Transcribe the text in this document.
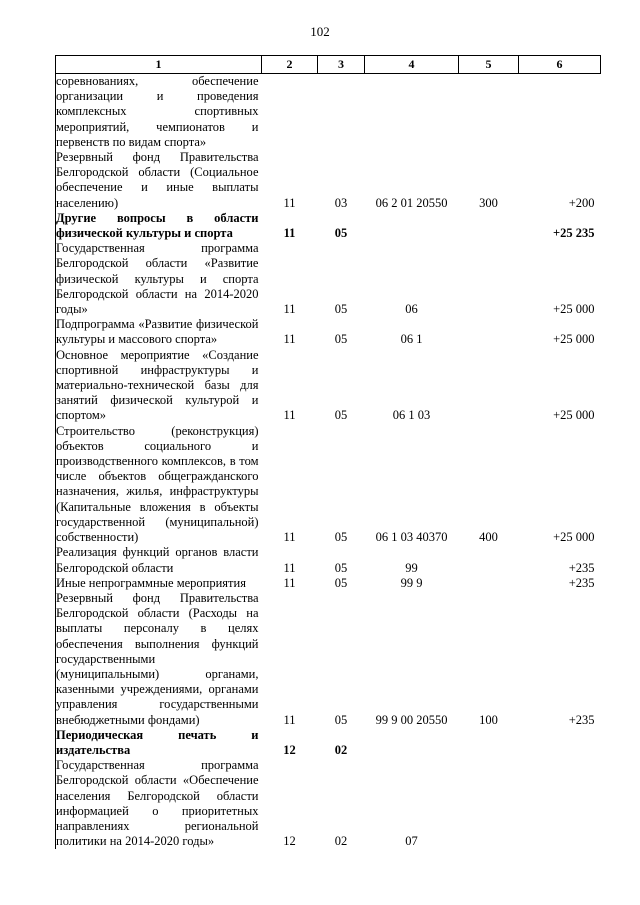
102
1	2	3	4	5	6
соревнованиях, обеспечение организации и проведения комплексных спортивных мероприятий, чемпионатов и первенств по видам спорта»					
Резервный фонд Правительства Белгородской области (Социальное обеспечение и иные выплаты населению)	11	03	06 2 01 20550	300	+200
Другие вопросы в области физической культуры и спорта	11	05			+25 235
Государственная программа Белгородской области «Развитие физической культуры и спорта Белгородской области на 2014-2020 годы»	11	05	06		+25 000
Подпрограмма «Развитие физической культуры и массового спорта»	11	05	06 1		+25 000
Основное мероприятие «Создание спортивной инфраструктуры и материально-технической базы для занятий физической культурой и спортом»	11	05	06 1 03		+25 000
Строительство (реконструкция) объектов социального и производственного комплексов, в том числе объектов общегражданского назначения, жилья, инфраструктуры (Капитальные вложения в объекты государственной (муниципальной) собственности)	11	05	06 1 03 40370	400	+25 000
Реализация функций органов власти Белгородской области	11	05	99		+235
Иные непрограммные мероприятия	11	05	99 9		+235
Резервный фонд Правительства Белгородской области (Расходы на выплаты персоналу в целях обеспечения выполнения функций государственными (муниципальными) органами, казенными учреждениями, органами управления государственными внебюджетными фондами)	11	05	99 9 00 20550	100	+235
Периодическая печать и издательства	12	02			
Государственная программа Белгородской области «Обеспечение населения Белгородской области информацией о приоритетных направлениях региональной политики на 2014-2020 годы»	12	02	07		
